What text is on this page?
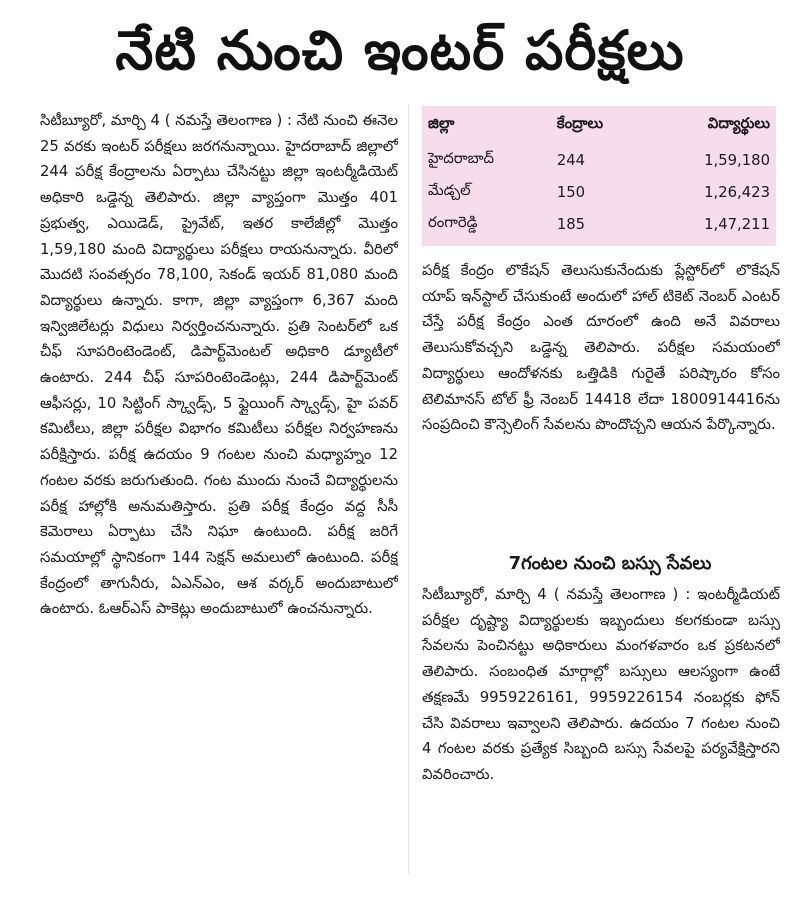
నేటి నుంచి ఇంటర్ పరీక్షలు

సిటీబ్యూరో, మార్చి 4 ( నమస్తే తెలంగాణ ) : నేటి నుంచి ఈనెల 25 వరకు ఇంటర్ పరీక్షలు జరగనున్నాయి. హైదరాబాద్ జిల్లాలో 244 పరీక్ష కేంద్రాలను ఏర్పాటు చేసినట్టు జిల్లా ఇంటర్మీడియెట్ అధికారి ఒడ్డెన్న తెలిపారు. జిల్లా వ్యాప్తంగా మొత్తం 401 ప్రభుత్వ, ఎయిడెడ్, ప్రైవేట్, ఇతర కాలేజీల్లో మొత్తం 1,59,180 మంది విద్యార్థులు పరీక్షలు రాయనున్నారు. వీరిలో మొదటి సంవత్సరం 78,100, సెకండ్ ఇయర్ 81,080 మంది విద్యార్థులు ఉన్నారు. కాగా, జిల్లా వ్యాప్తంగా 6,367 మంది ఇన్విజిలేటర్లు విధులు నిర్వర్తించనున్నారు. ప్రతి సెంటర్‌లో ఒక చీఫ్ సూపరింటెండెంట్, డిపార్ట్‌మెంటల్ అధికారి డ్యూటీలో ఉంటారు. 244 చీఫ్ సూపరింటెండెంట్లు, 244 డిపార్ట్‌మెంట్ ఆఫీసర్లు, 10 సిట్టింగ్ స్క్వాడ్స్, 5 ఫ్లైయింగ్ స్క్వాడ్స్, హై పవర్ కమిటీలు, జిల్లా పరీక్షల విభాగం కమిటీలు పరీక్షల నిర్వహణను పరీక్షిస్తారు. పరీక్ష ఉదయం 9 గంటల నుంచి మధ్యాహ్నం 12 గంటల వరకు జరుగుతుంది. గంట ముందు నుంచే విద్యార్థులను పరీక్ష హాల్లోకి అనుమతిస్తారు. ప్రతి పరీక్ష కేంద్రం వద్ద సీసీ కెమెరాలు ఏర్పాటు చేసి నిఘా ఉంటుంది. పరీక్ష జరిగే సమయాల్లో స్థానికంగా 144 సెక్షన్ అమలులో ఉంటుంది. పరీక్ష కేంద్రంలో తాగునీరు, ఏఎన్‌ఎం, ఆశ వర్కర్ అందుబాటులో ఉంటారు. ఓఆర్ఎస్ పాకెట్లు అందుబాటులో ఉంచనున్నారు.

జిల్లా	కేంద్రాలు	విద్యార్థులు
హైదరాబాద్	244	1,59,180
మేడ్చల్	150	1,26,423
రంగారెడ్డి	185	1,47,211

పరీక్ష కేంద్రం లొకేషన్ తెలుసుకునేందుకు ప్లేస్టోర్‌లో లొకేషన్ యాప్ ఇన్‌స్టాల్ చేసుకుంటే అందులో హాల్ టికెట్ నెంబర్ ఎంటర్ చేస్తే పరీక్ష కేంద్రం ఎంత దూరంలో ఉంది అనే వివరాలు తెలుసుకోవచ్చని ఒడ్డెన్న తెలిపారు. పరీక్షల సమయంలో విద్యార్థులు ఆందోళనకు ఒత్తిడికి గురైతే పరిష్కారం కోసం టెలిమానస్ టోల్ ఫ్రీ నెంబర్ 14418 లేదా 1800914416ను సంప్రదించి కౌన్సెలింగ్ సేవలను పొందొచ్చని ఆయన పేర్కొన్నారు.

7గంటల నుంచి బస్సు సేవలు

సిటీబ్యూరో, మార్చి 4 ( నమస్తే తెలంగాణ ) : ఇంటర్మీడియట్ పరీక్షల దృష్ట్యా విద్యార్థులకు ఇబ్బందులు కలగకుండా బస్సు సేవలను పెంచినట్టు అధికారులు మంగళవారం ఒక ప్రకటనలో తెలిపారు. సంబంధిత మార్గాల్లో బస్సులు ఆలస్యంగా ఉంటే తక్షణమే 9959226161, 9959226154 నంబర్లకు ఫోన్ చేసి వివరాలు ఇవ్వాలని తెలిపారు. ఉదయం 7 గంటల నుంచి 4 గంటల వరకు ప్రత్యేక సిబ్బంది బస్సు సేవలపై పర్యవేక్షిస్తారని వివరించారు.
